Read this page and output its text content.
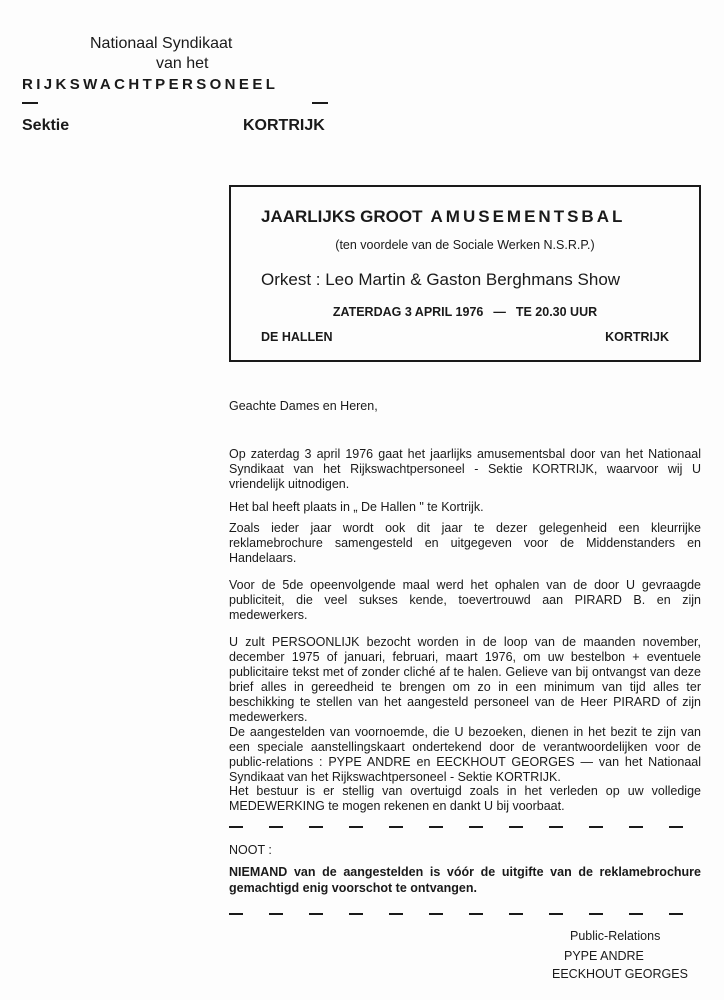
Nationaal Syndikaat
van het
RIJKSWACHTPERSONEEL
Sektie	KORTRIJK
JAARLIJKS GROOT AMUSEMENTSBAL
(ten voordele van de Sociale Werken N.S.R.P.)
Orkest : Leo Martin & Gaston Berghmans Show
ZATERDAG 3 APRIL 1976 — TE 20.30 UUR
DE HALLEN	KORTRIJK
Geachte Dames en Heren,

Op zaterdag 3 april 1976 gaat het jaarlijks amusementsbal door van het Nationaal Syndikaat van het Rijkswachtpersoneel - Sektie KORTRIJK, waarvoor wij U vriendelijk uitnodigen.

Het bal heeft plaats in „ De Hallen " te Kortrijk.

Zoals ieder jaar wordt ook dit jaar te dezer gelegenheid een kleurrijke reklamebrochure samengesteld en uitgegeven voor de Middenstanders en Handelaars.

Voor de 5de opeenvolgende maal werd het ophalen van de door U gevraagde publiciteit, die veel sukses kende, toevertrouwd aan PIRARD B. en zijn medewerkers.

U zult PERSOONLIJK bezocht worden in de loop van de maanden november, december 1975 of januari, februari, maart 1976, om uw bestelbon + eventuele publicitaire tekst met of zonder cliché af te halen. Gelieve van bij ontvangst van deze brief alles in gereedheid te brengen om zo in een minimum van tijd alles ter beschikking te stellen van het aangesteld personeel van de Heer PIRARD of zijn medewerkers.

De aangestelden van voornoemde, die U bezoeken, dienen in het bezit te zijn van een speciale aanstellingskaart ondertekend door de verantwoordelijken voor de public-relations : PYPE ANDRE en EECKHOUT GEORGES — van het Nationaal Syndikaat van het Rijkswachtpersoneel - Sektie KORTRIJK.

Het bestuur is er stellig van overtuigd zoals in het verleden op uw volledige MEDEWERKING te mogen rekenen en dankt U bij voorbaat.

NOOT :
NIEMAND van de aangestelden is vóór de uitgifte van de reklamebrochure gemachtigd enig voorschot te ontvangen.
Public-Relations
PYPE ANDRE
EECKHOUT GEORGES
